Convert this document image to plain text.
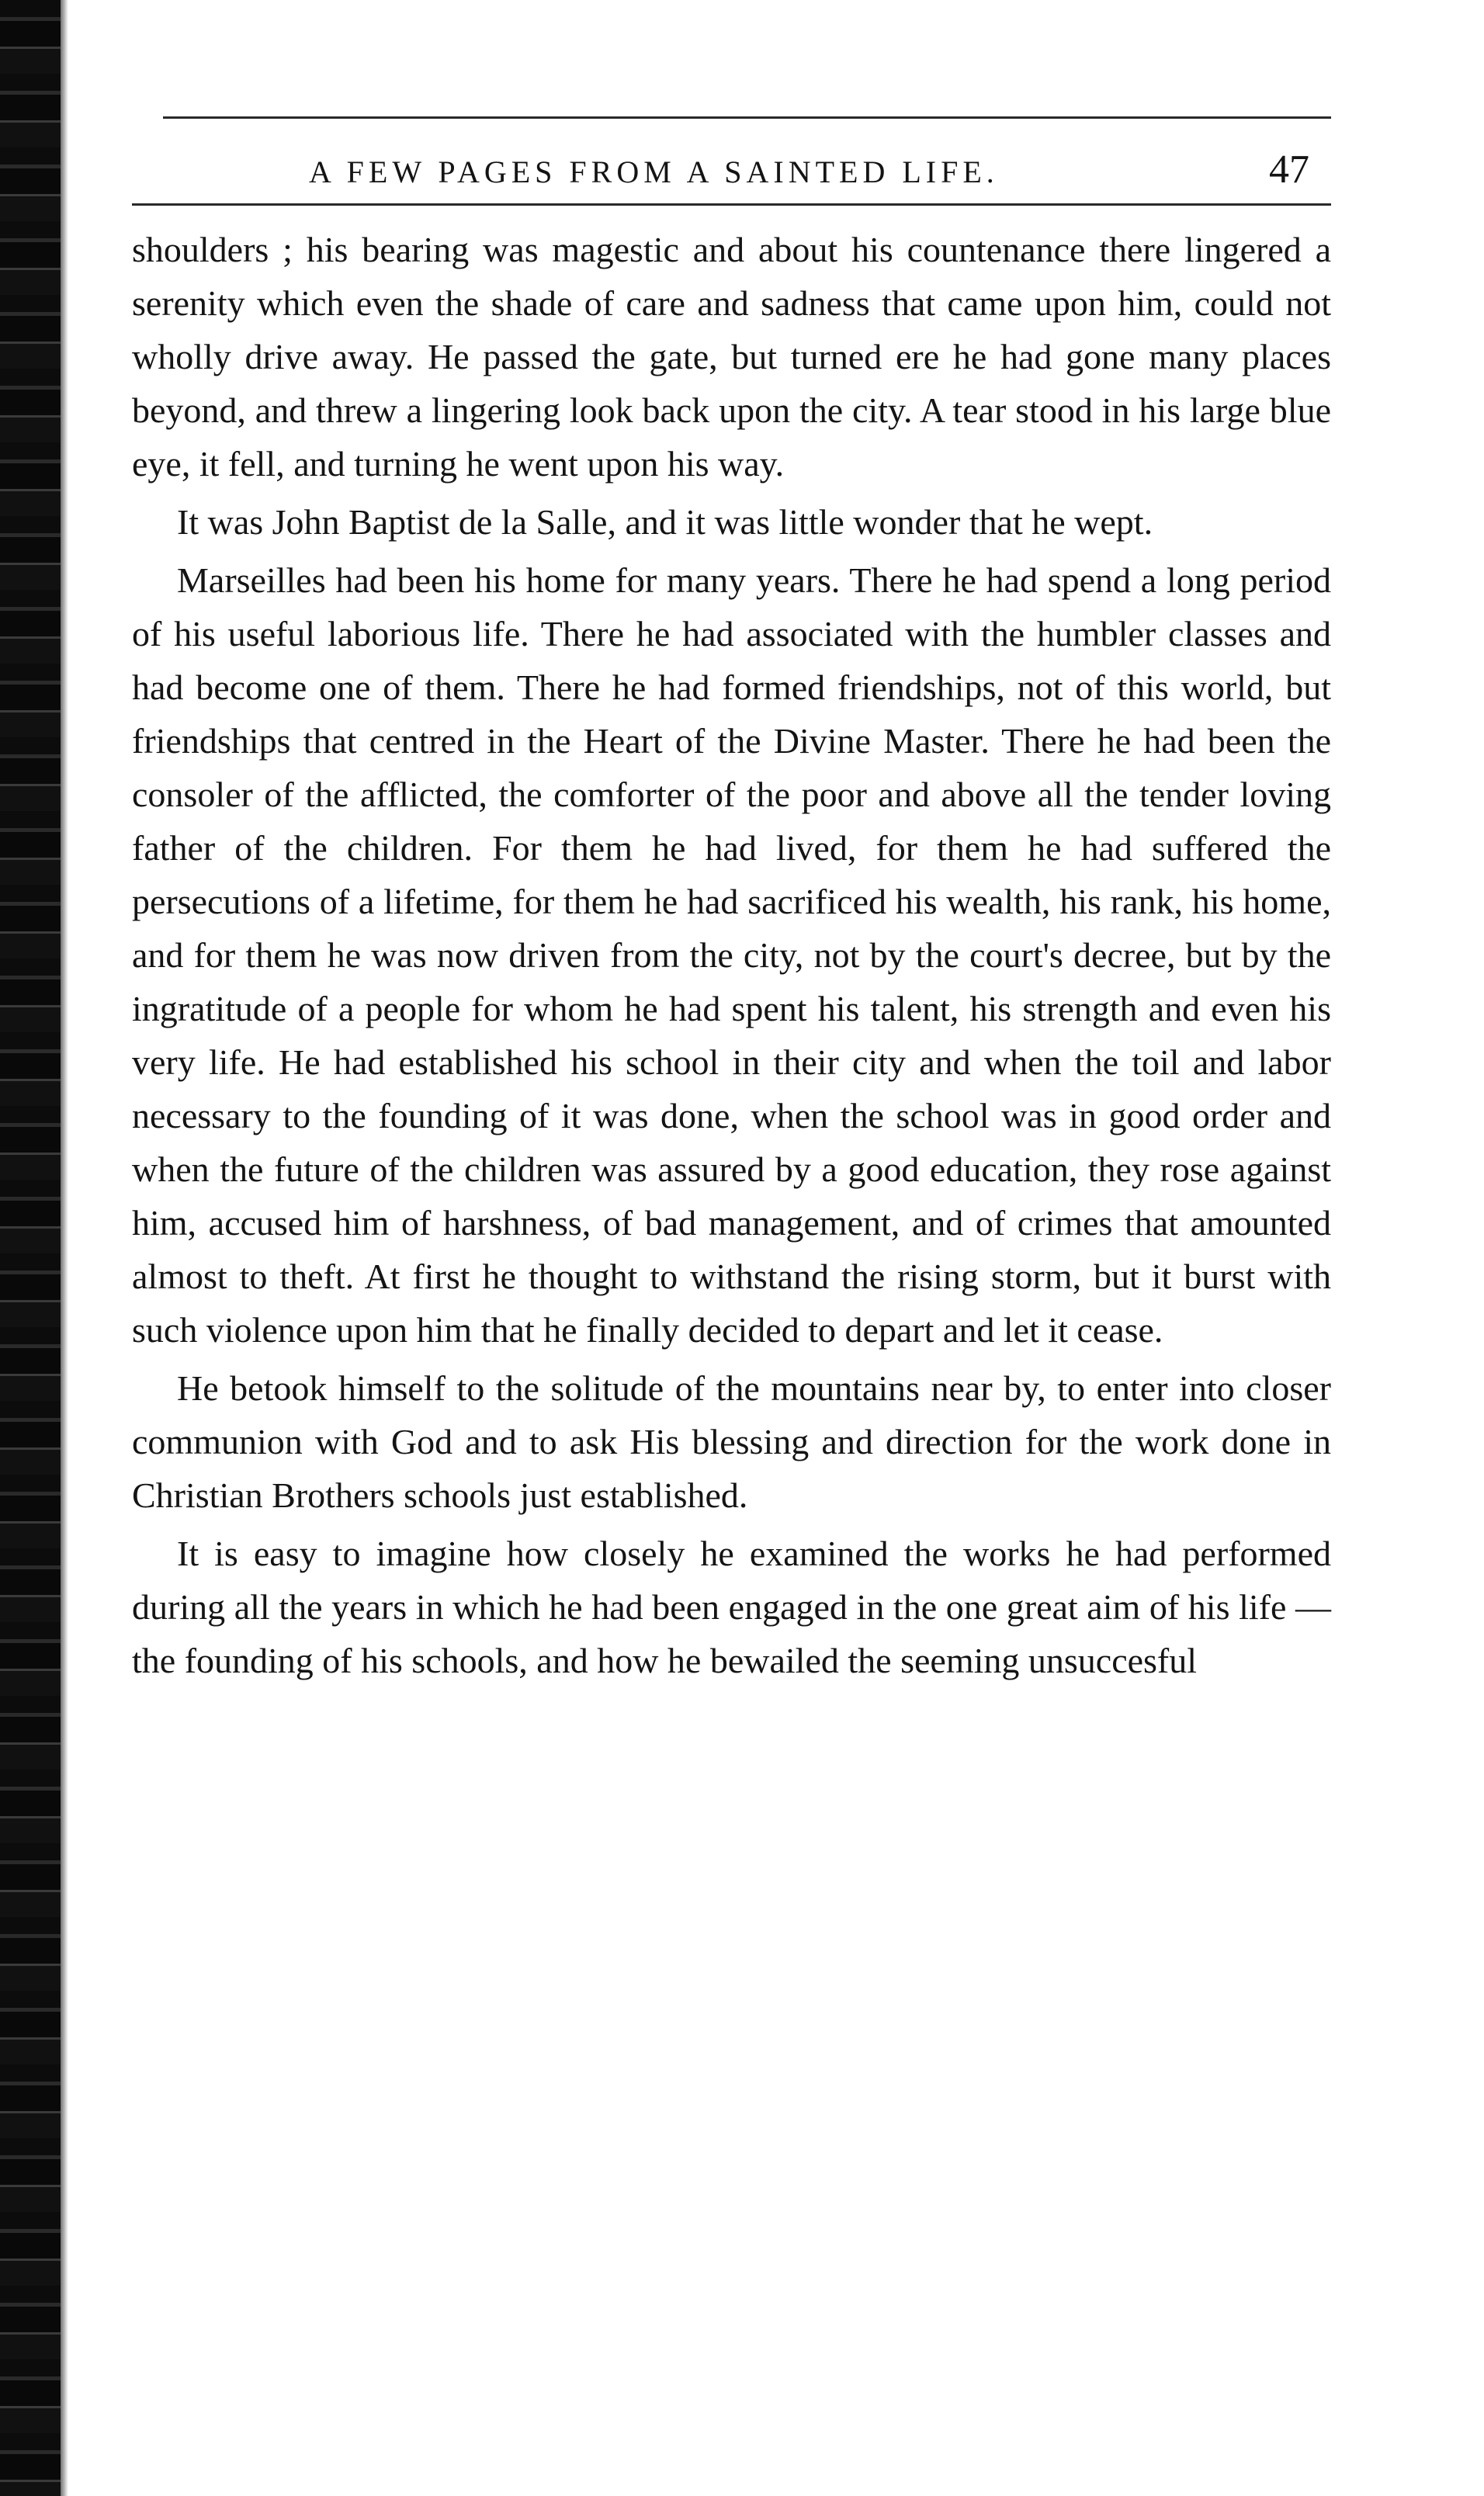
A FEW PAGES FROM A SAINTED LIFE.	47

shoulders ; his bearing was magestic and about his countenance there lingered a serenity which even the shade of care and sadness that came upon him, could not wholly drive away. He passed the gate, but turned ere he had gone many places beyond, and threw a lingering look back upon the city. A tear stood in his large blue eye, it fell, and turning he went upon his way.

It was John Baptist de la Salle, and it was little wonder that he wept.

Marseilles had been his home for many years. There he had spend a long period of his useful laborious life. There he had associated with the humbler classes and had become one of them. There he had formed friendships, not of this world, but friendships that centred in the Heart of the Divine Master. There he had been the consoler of the afflicted, the comforter of the poor and above all the tender loving father of the children. For them he had lived, for them he had suffered the persecutions of a lifetime, for them he had sacrificed his wealth, his rank, his home, and for them he was now driven from the city, not by the court's decree, but by the ingratitude of a people for whom he had spent his talent, his strength and even his very life. He had established his school in their city and when the toil and labor necessary to the founding of it was done, when the school was in good order and when the future of the children was assured by a good education, they rose against him, accused him of harshness, of bad management, and of crimes that amounted almost to theft. At first he thought to withstand the rising storm, but it burst with such violence upon him that he finally decided to depart and let it cease.

He betook himself to the solitude of the mountains near by, to enter into closer communion with God and to ask His blessing and direction for the work done in Christian Brothers schools just established.

It is easy to imagine how closely he examined the works he had performed during all the years in which he had been engaged in the one great aim of his life — the founding of his schools, and how he bewailed the seeming unsuccesful
